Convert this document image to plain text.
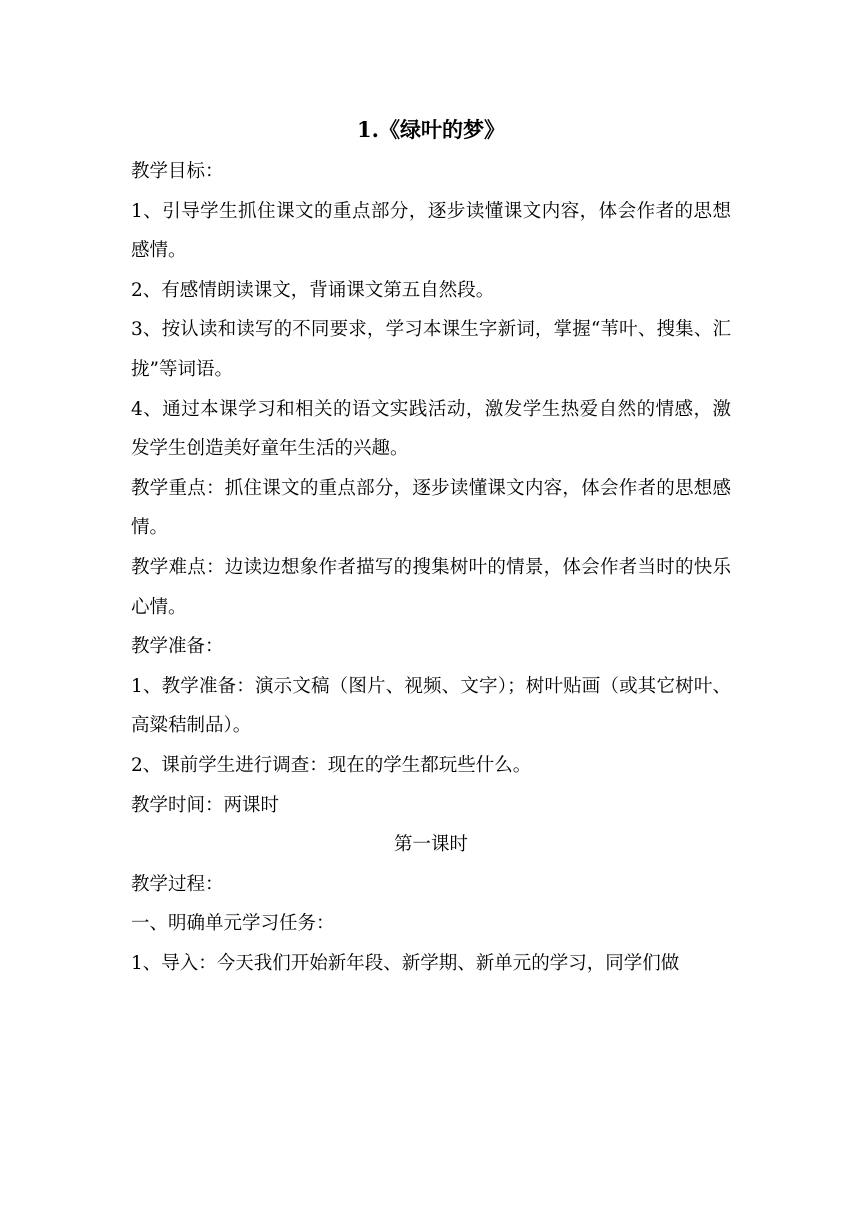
1.《绿叶的梦》

教学目标：

1、引导学生抓住课文的重点部分，逐步读懂课文内容，体会作者的思想感情。

2、有感情朗读课文，背诵课文第五自然段。

3、按认读和读写的不同要求，学习本课生字新词，掌握“苇叶、搜集、汇拢”等词语。

4、通过本课学习和相关的语文实践活动，激发学生热爱自然的情感，激发学生创造美好童年生活的兴趣。

教学重点：抓住课文的重点部分，逐步读懂课文内容，体会作者的思想感情。

教学难点：边读边想象作者描写的搜集树叶的情景，体会作者当时的快乐心情。

教学准备：

1、教学准备：演示文稿（图片、视频、文字）；树叶贴画（或其它树叶、高粱秸制品）。

2、课前学生进行调查：现在的学生都玩些什么。

教学时间：两课时

第一课时

教学过程：

一、明确单元学习任务：

1、导入：今天我们开始新年段、新学期、新单元的学习，同学们做
